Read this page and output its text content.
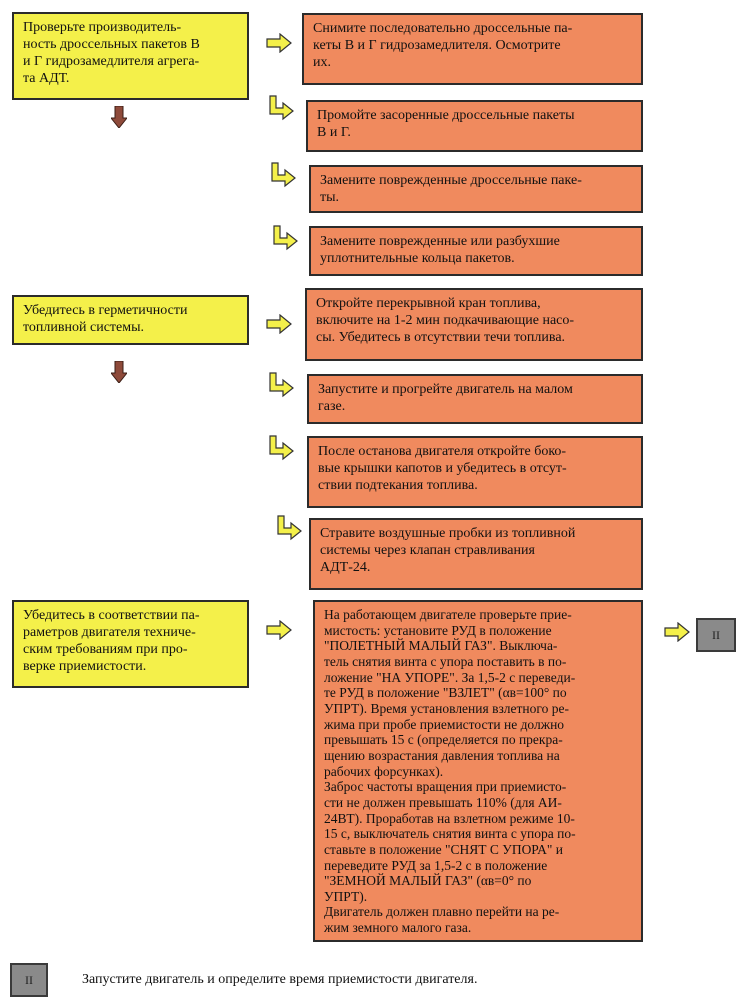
Проверьте производитель-
ность дроссельных пакетов В
и Г гидрозамедлителя агрега-
та АДТ.
Убедитесь в герметичности
топливной системы.
Убедитесь в соответствии па-
раметров двигателя техниче-
ским требованиям при про-
верке приемистости.
Снимите последовательно дроссельные па-
кеты В и Г гидрозамедлителя. Осмотрите
их.
Промойте засоренные дроссельные пакеты
В и Г.
Замените поврежденные дроссельные паке-
ты.
Замените поврежденные или разбухшие
уплотнительные кольца пакетов.
Откройте перекрывной кран топлива,
включите на 1-2 мин подкачивающие насо-
сы. Убедитесь в отсутствии течи топлива.
Запустите и прогрейте двигатель на малом
газе.
После останова двигателя откройте боко-
вые крышки капотов и убедитесь в отсут-
ствии подтекания топлива.
Стравите воздушные пробки из топливной
системы через клапан стравливания
АДТ-24.
На работающем двигателе проверьте прие-
мистость: установите РУД в положение
"ПОЛЕТНЫЙ МАЛЫЙ ГАЗ". Выключа-
тель снятия винта с упора поставить в по-
ложение "НА УПОРЕ". За 1,5-2 с переведи-
те РУД в положение "ВЗЛЕТ" (αв=100° по
УПРТ). Время установления взлетного ре-
жима при пробе приемистости не должно
превышать 15 с (определяется по прекра-
щению возрастания давления топлива на
рабочих форсунках).
Заброс частоты вращения при приемисто-
сти не должен превышать 110% (для АИ-
24ВТ). Проработав на взлетном режиме 10-
15 с, выключатель снятия винта с упора по-
ставьте в положение "СНЯТ С УПОРА" и
переведите РУД за 1,5-2 с в положение
"ЗЕМНОЙ МАЛЫЙ ГАЗ" (αв=0° по
УПРТ).
Двигатель должен плавно перейти на ре-
жим земного малого газа.
II
II	Запустите двигатель и определите время приемистости двигателя.
